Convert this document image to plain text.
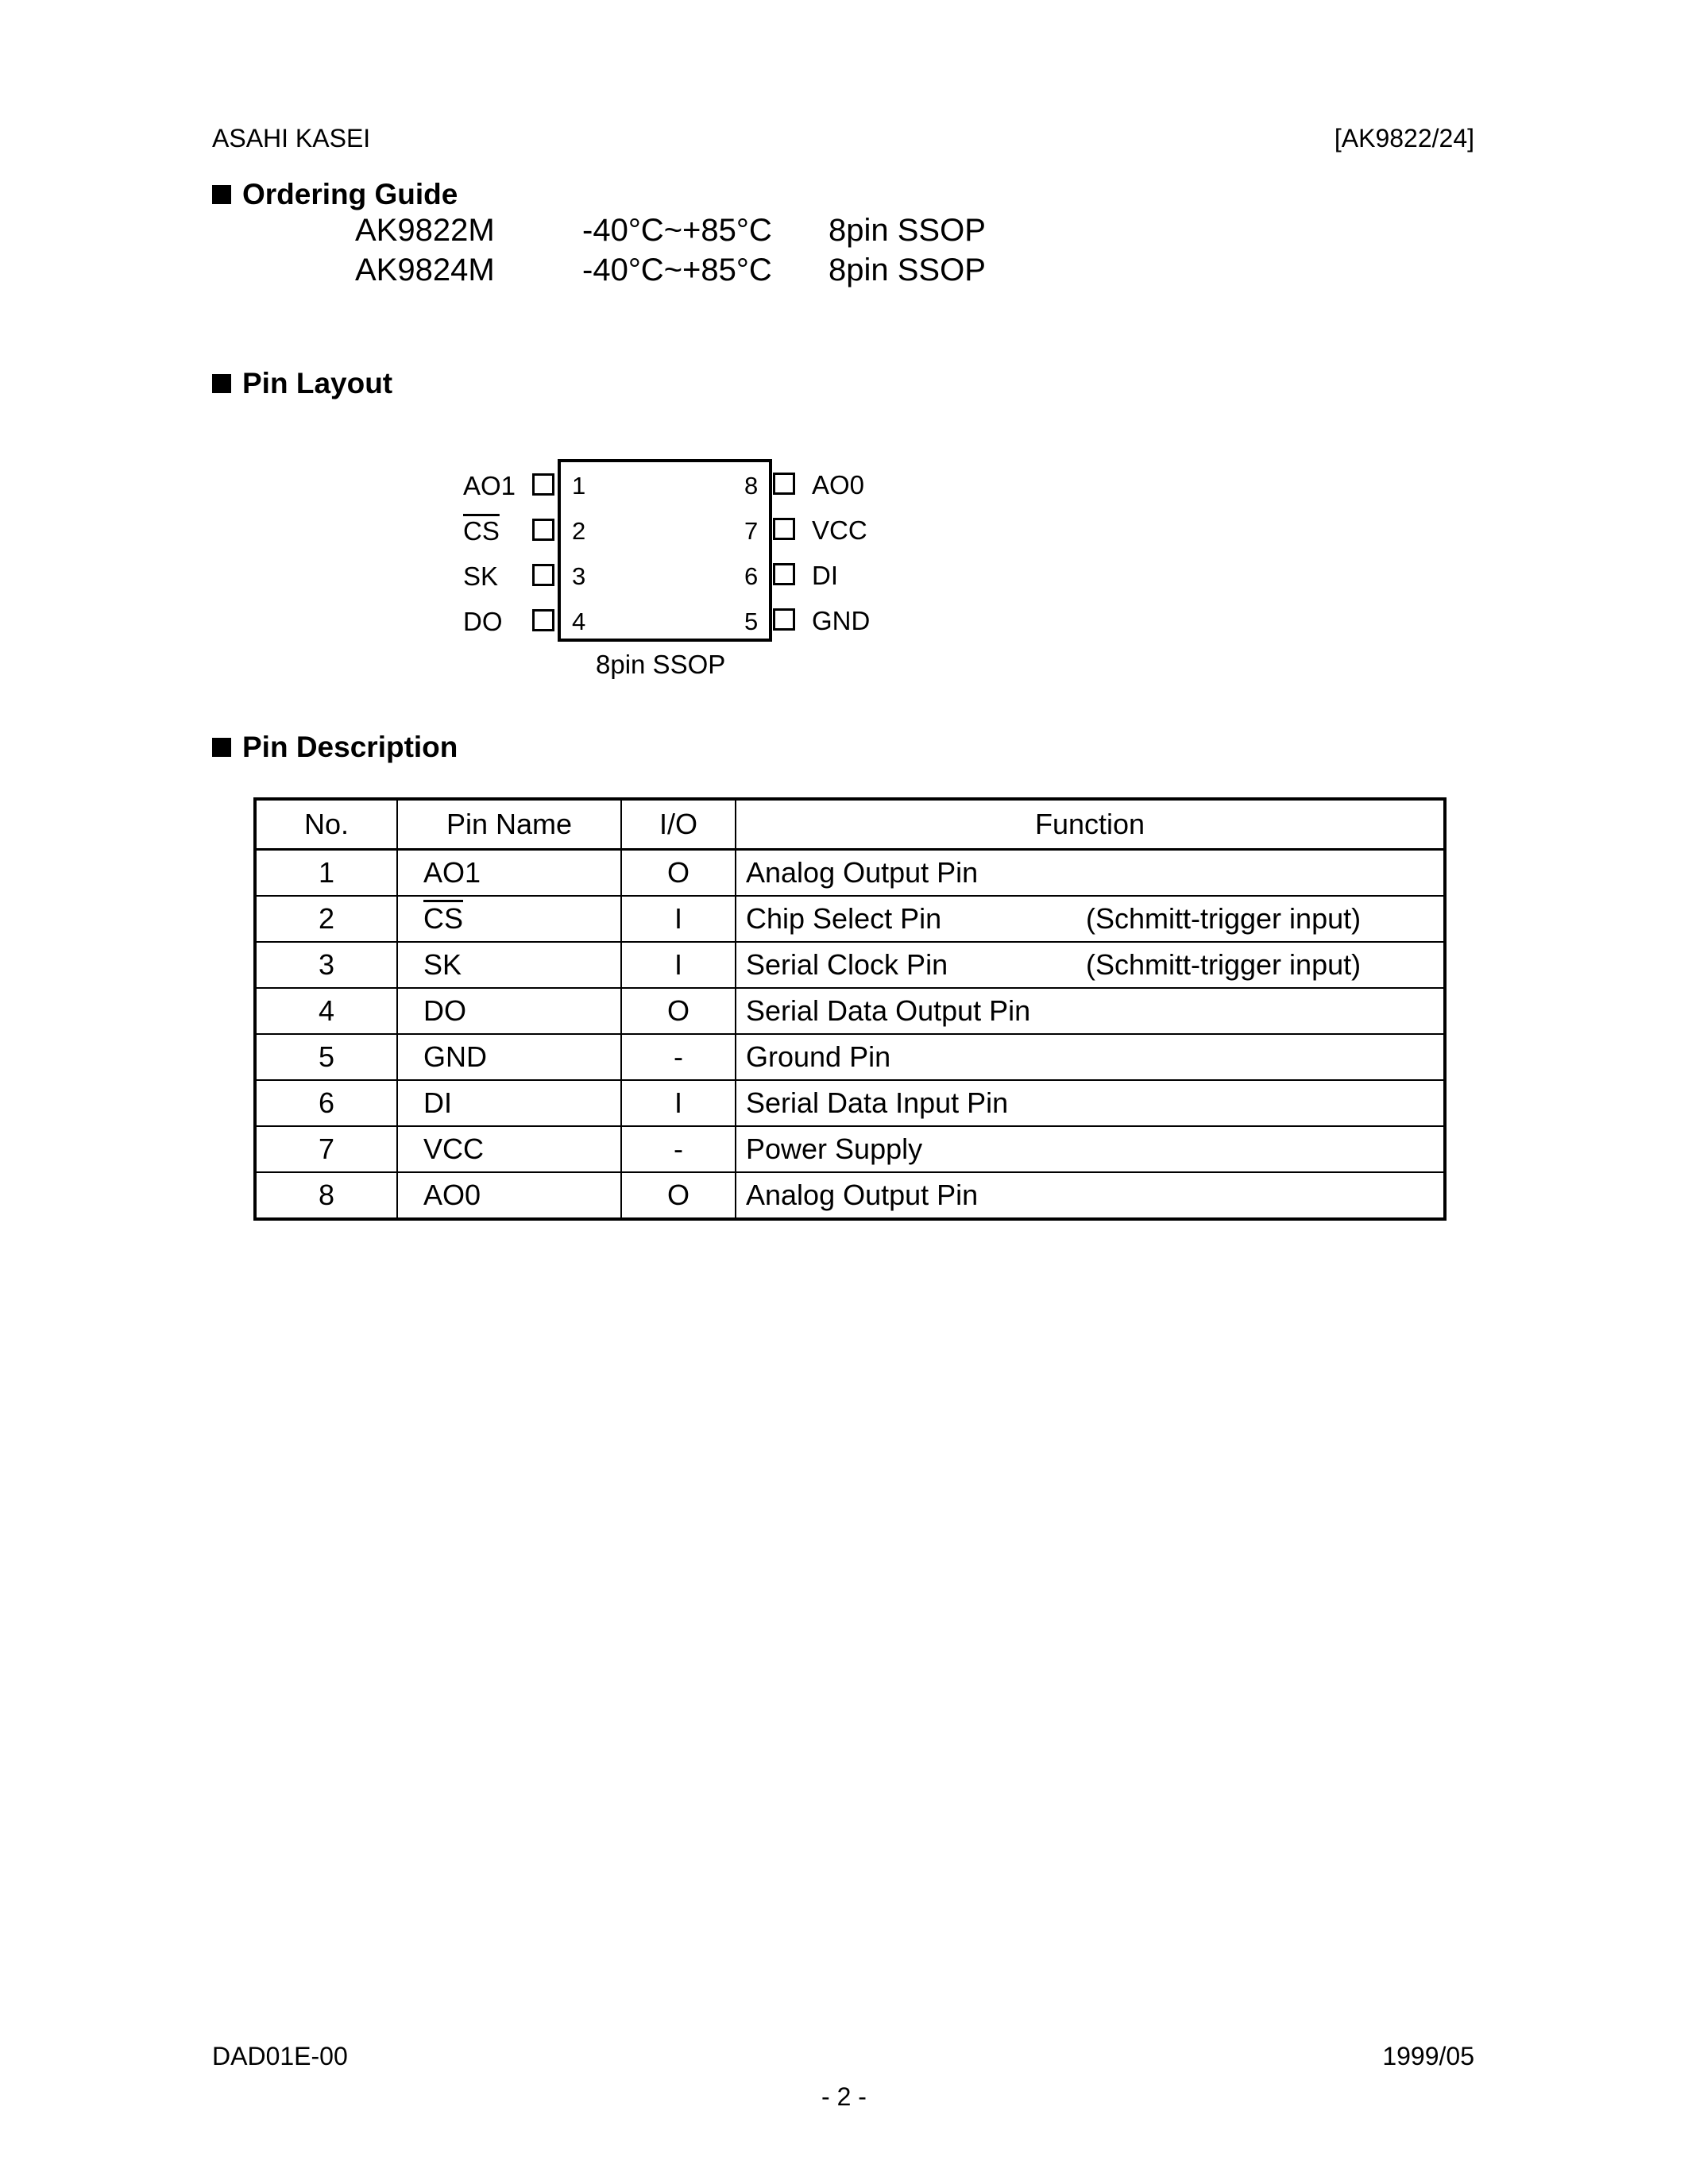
ASAHI KASEI	[AK9822/24]
Ordering Guide
AK9822M	-40°C~+85°C 8pin SSOP
AK9824M	-40°C~+85°C 8pin SSOP
Pin Layout
AO1 1
$\overline{CS}$	2
SK	3
DO	4
8 AO0
7 VCC
6 DI
5 GND
8pin SSOP
Pin Description
No.	Pin Name	I/O	Function
1	AO1	O	Analog Output Pin
2	$\overline{CS}$	I	Chip Select Pin (Schmitt-trigger input)

3	SK	I	Serial Clock Pin (Schmitt-trigger input)

4	DO	O	Serial Data Output Pin
5	GND	-	Ground Pin
6	DI	I	Serial Data Input Pin
7	VCC	-	Power Supply
8	AO0	O	Analog Output Pin
DAD01E-00	1999/05
- 2 -
